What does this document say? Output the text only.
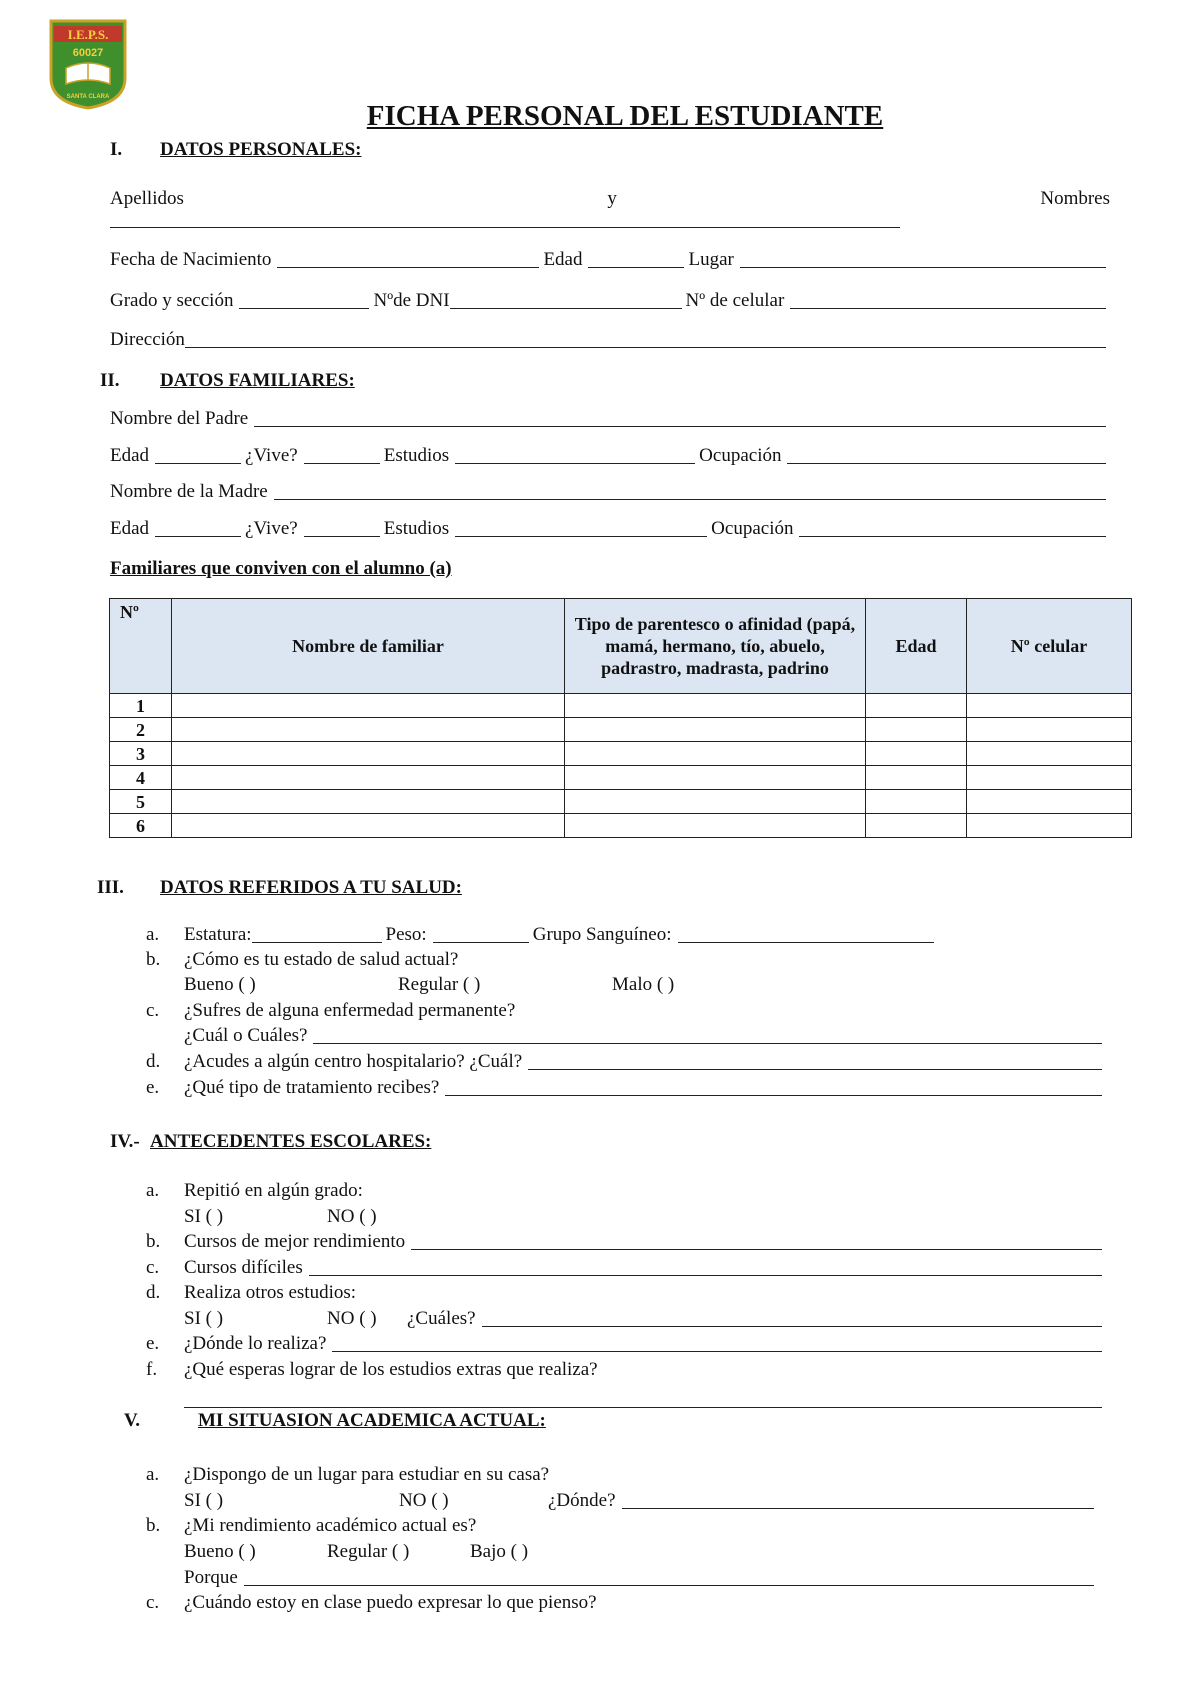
I.E.P.S.
60027
SANTA CLARA
FICHA PERSONAL DEL ESTUDIANTE
I. DATOS PERSONALES:
Apellidos	y	Nombres
Fecha de Nacimiento	Edad	Lugar
Grado y sección	Nºde DNI	Nº de celular
Dirección
II. DATOS FAMILIARES:
Nombre del Padre
Edad	¿Vive?	Estudios	Ocupación
Nombre de la Madre
Edad	¿Vive?	Estudios	Ocupación
Familiares que conviven con el alumno (a)
Nº	Nombre de familiar	Tipo de parentesco o afinidad (papá, mamá, hermano, tío, abuelo, padrastro, madrasta, padrino	Edad	Nº celular
1				
2				
3				
4				
5				
6				
III. DATOS REFERIDOS A TU SALUD:
a.	Estatura:	Peso:	Grupo Sanguíneo:
b.	¿Cómo es tu estado de salud actual?
Bueno ( )	Regular ( )	Malo ( )
c.	¿Sufres de alguna enfermedad permanente?
¿Cuál o Cuáles?
d.	¿Acudes a algún centro hospitalario? ¿Cuál?
e.	¿Qué tipo de tratamiento recibes?
IV.- ANTECEDENTES ESCOLARES:
a.	Repitió en algún grado:
SI ( )	NO ( )
b.	Cursos de mejor rendimiento
c.	Cursos difíciles
d.	Realiza otros estudios:
SI ( )	NO ( )	¿Cuáles?
e.	¿Dónde lo realiza?
f.	¿Qué esperas lograr de los estudios extras que realiza?
V.	MI SITUASION ACADEMICA ACTUAL:
a.	¿Dispongo de un lugar para estudiar en su casa?
SI ( )	NO ( )	¿Dónde?
b.	¿Mi rendimiento académico actual es?
Bueno ( )	Regular ( )	Bajo ( )
Porque
c.	¿Cuándo estoy en clase puedo expresar lo que pienso?
